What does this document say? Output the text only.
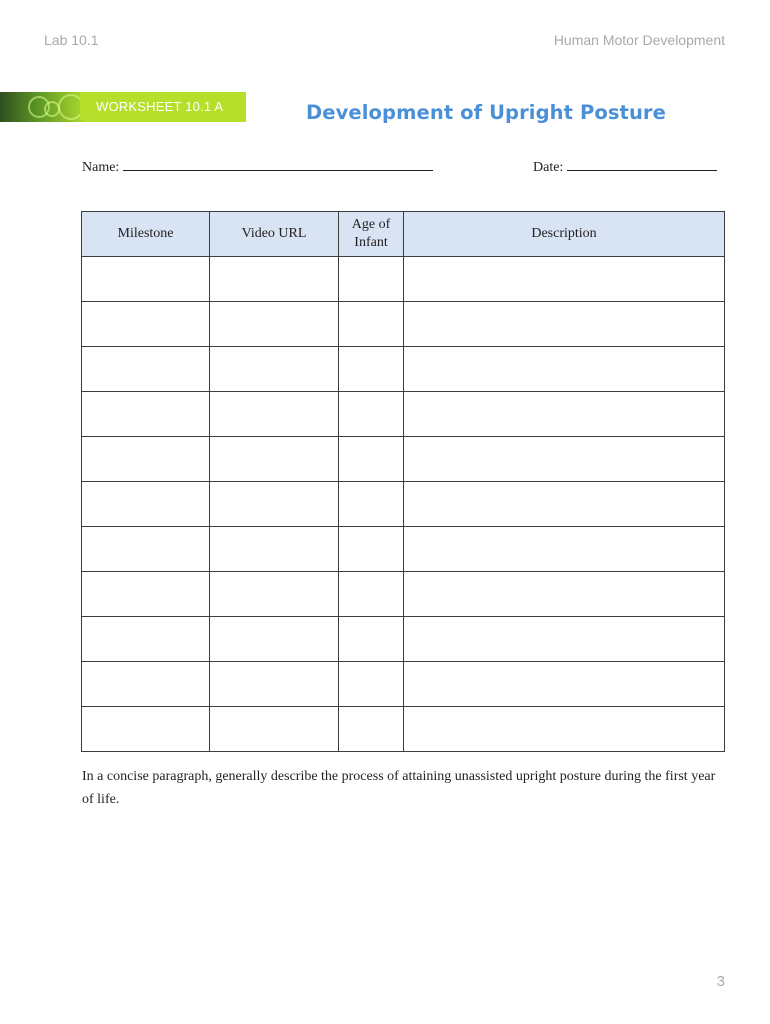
Lab 10.1	Human Motor Development
WORKSHEET 10.1 A	Development of Upright Posture
Name:	Date:
Milestone	Video URL	Age of Infant	Description

In a concise paragraph, generally describe the process of attaining unassisted upright posture during the first year of life.
3
